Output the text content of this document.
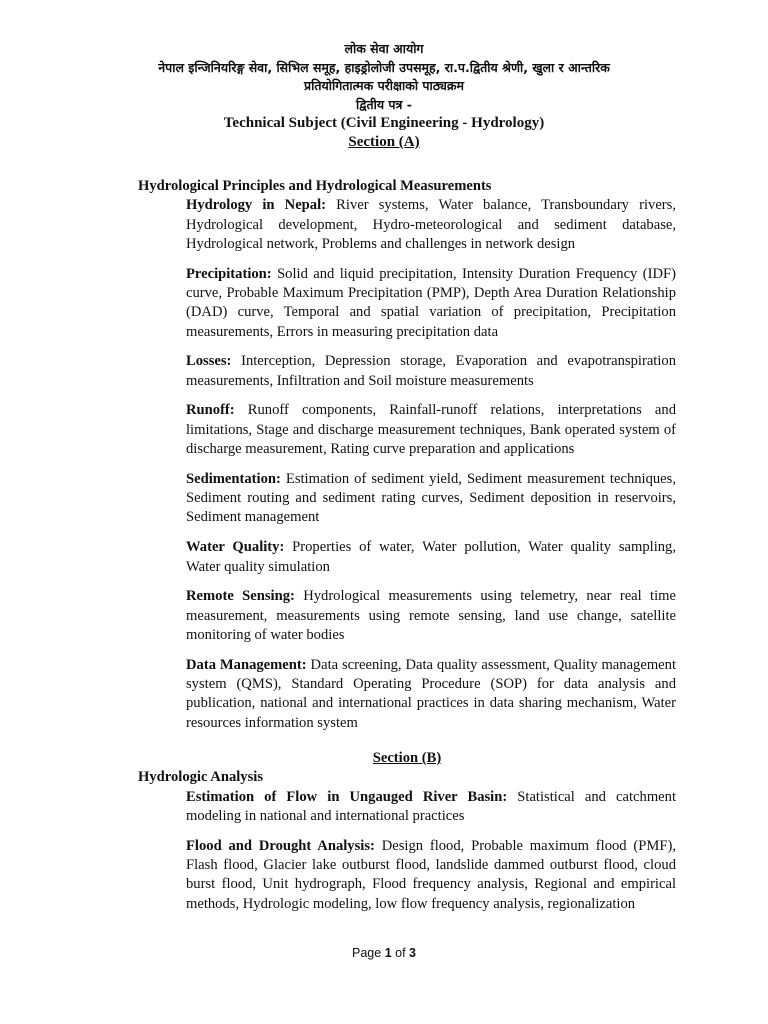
लोक सेवा आयोग
नेपाल इन्जिनियरिङ्ग सेवा, सिभिल समूह, हाइड्रोलोजी उपसमूह, रा.प.द्वितीय श्रेणी, खुला र आन्तरिक
प्रतियोगितात्मक परीक्षाको पाठ्यक्रम
द्वितीय पत्र -
Technical Subject (Civil Engineering - Hydrology)
Section (A)

Hydrological Principles and Hydrological Measurements

Hydrology in Nepal: River systems, Water balance, Transboundary rivers, Hydrological development, Hydro-meteorological and sediment database, Hydrological network, Problems and challenges in network design

Precipitation: Solid and liquid precipitation, Intensity Duration Frequency (IDF) curve, Probable Maximum Precipitation (PMP), Depth Area Duration Relationship (DAD) curve, Temporal and spatial variation of precipitation, Precipitation measurements, Errors in measuring precipitation data

Losses: Interception, Depression storage, Evaporation and evapotranspiration measurements, Infiltration and Soil moisture measurements

Runoff: Runoff components, Rainfall-runoff relations, interpretations and limitations, Stage and discharge measurement techniques, Bank operated system of discharge measurement, Rating curve preparation and applications

Sedimentation: Estimation of sediment yield, Sediment measurement techniques, Sediment routing and sediment rating curves, Sediment deposition in reservoirs, Sediment management

Water Quality: Properties of water, Water pollution, Water quality sampling, Water quality simulation

Remote Sensing: Hydrological measurements using telemetry, near real time measurement, measurements using remote sensing, land use change, satellite monitoring of water bodies

Data Management: Data screening, Data quality assessment, Quality management system (QMS), Standard Operating Procedure (SOP) for data analysis and publication, national and international practices in data sharing mechanism, Water resources information system

Section (B)

Hydrologic Analysis

Estimation of Flow in Ungauged River Basin: Statistical and catchment modeling in national and international practices

Flood and Drought Analysis: Design flood, Probable maximum flood (PMF), Flash flood, Glacier lake outburst flood, landslide dammed outburst flood, cloud burst flood, Unit hydrograph, Flood frequency analysis, Regional and empirical methods, Hydrologic modeling, low flow frequency analysis, regionalization

Page 1 of 3
